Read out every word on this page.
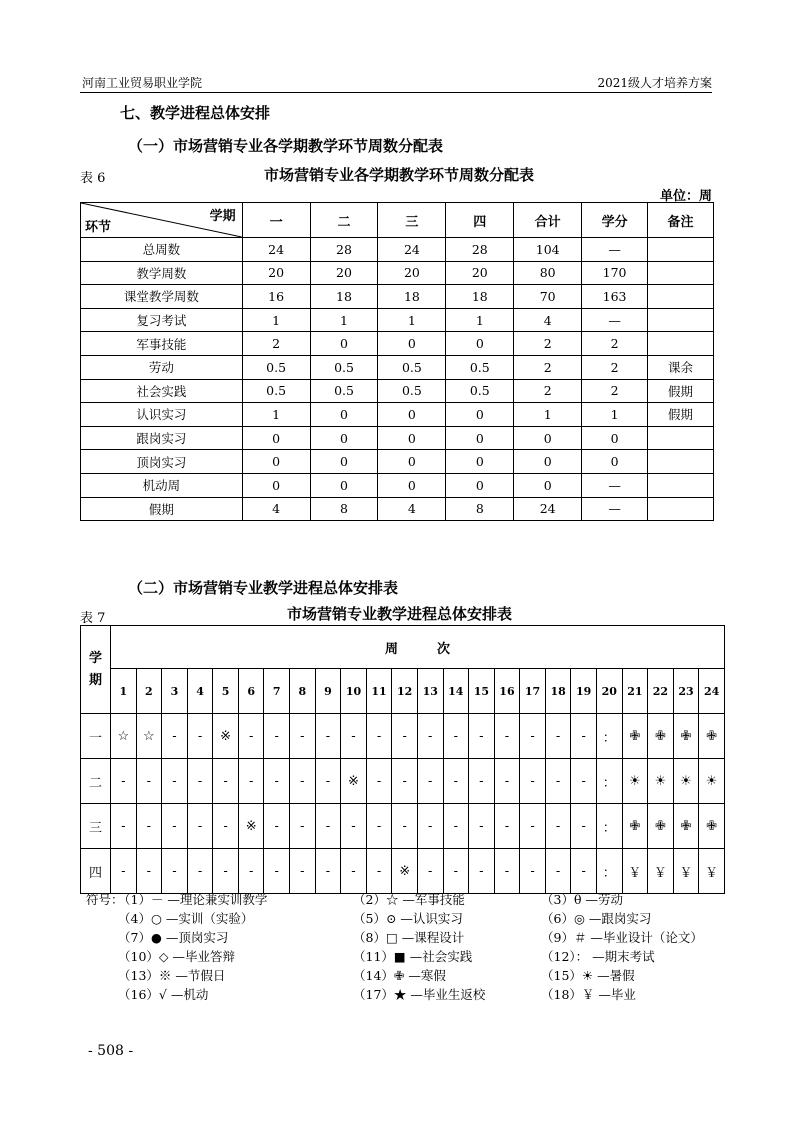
河南工业贸易职业学院	2021级人才培养方案
七、教学进程总体安排
（一）市场营销专业各学期教学环节周数分配表
表 6	市场营销专业各学期教学环节周数分配表
单位：周
学期
环节	一	二	三	四	合计	学分	备注
总周数	24	28	24	28	104	—	
教学周数	20	20	20	20	80	170	
课堂教学周数	16	18	18	18	70	163	
复习考试	1	1	1	1	4	—	
军事技能	2	0	0	0	2	2	
劳动	0.5	0.5	0.5	0.5	2	2	课余
社会实践	0.5	0.5	0.5	0.5	2	2	假期
认识实习	1	0	0	0	1	1	假期
跟岗实习	0	0	0	0	0	0	
顶岗实习	0	0	0	0	0	0	
机动周	0	0	0	0	0	—	
假期	4	8	4	8	24	—	
（二）市场营销专业教学进程总体安排表
表 7	市场营销专业教学进程总体安排表
学
期	周　　　次																							
	1	2	3	4	5	6	7	8	9	10	11	12	13	14	15	16	17	18	19	20	21	22	23	24
一	☆	☆	-	-	※	-	-	-	-	-	-	-	-	-	-	-	-	-	-	：	✙	✙	✙	✙
二	-	-	-	-	-	-	-	-	-	※	-	-	-	-	-	-	-	-	-	：	☀	☀	☀	☀
三	-	-	-	-	-	※	-	-	-	-	-	-	-	-	-	-	-	-	-	：	✙	✙	✙	✙
四	-	-	-	-	-	-	-	-	-	-	-	※	-	-	-	-	-	-	-	：	￥	￥	￥	￥
符号：
（1）－ —理论兼实训教学	（2）☆ —军事技能	（3）θ —劳动
（4）○ —实训（实验）	（5）⊙ —认识实习	（6）◎ —跟岗实习
（7）● —顶岗实习	（8）□ —课程设计	（9）＃ —毕业设计（论文）
（10）◇ —毕业答辩	（11）■ —社会实践	（12）： —期末考试
（13）※ —节假日	（14）✙ —寒假	（15）☀ —暑假
（16）√ —机动	（17）★ —毕业生返校	（18）￥ —毕业
- 508 -
